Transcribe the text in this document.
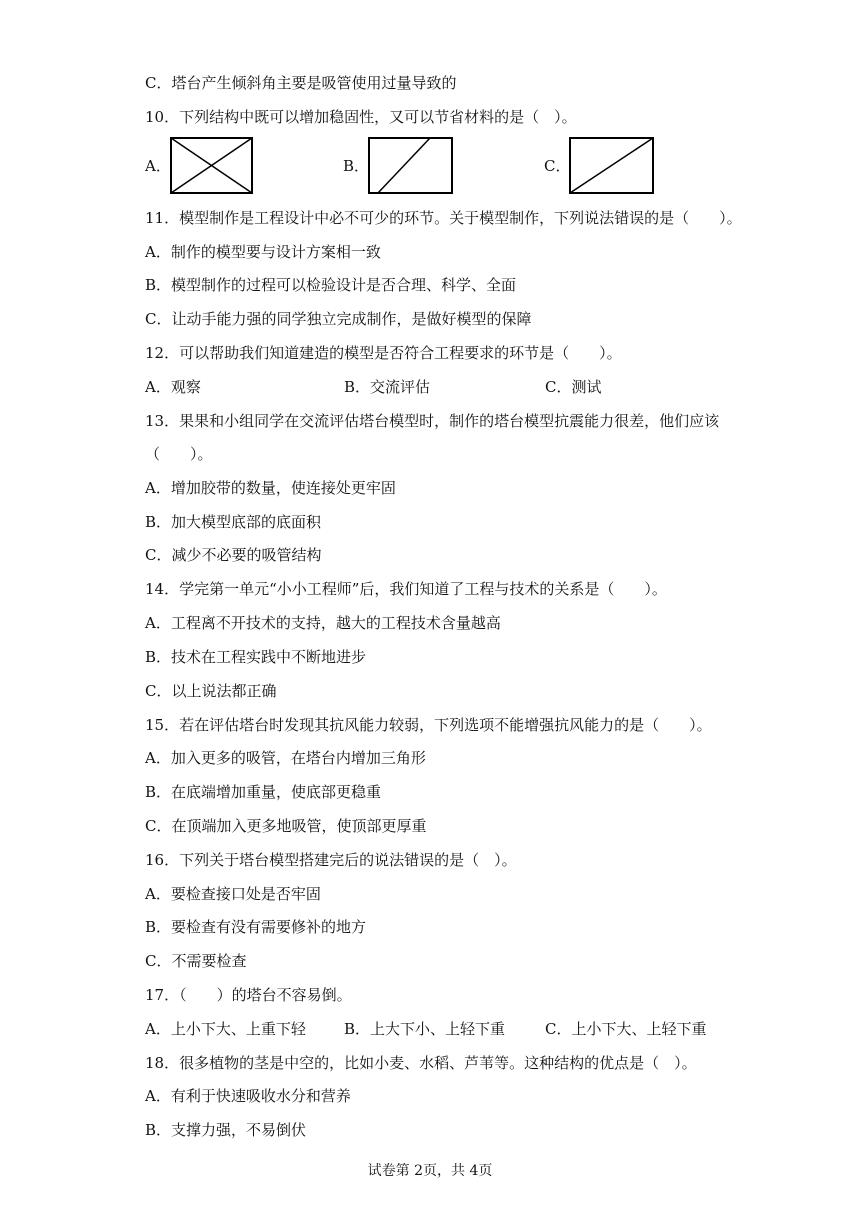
C．塔台产生倾斜角主要是吸管使用过量导致的
10．下列结构中既可以增加稳固性，又可以节省材料的是（　）。
A．	B．	C．
11．模型制作是工程设计中必不可少的环节。关于模型制作，下列说法错误的是（　　）。
A．制作的模型要与设计方案相一致
B．模型制作的过程可以检验设计是否合理、科学、全面
C．让动手能力强的同学独立完成制作，是做好模型的保障
12．可以帮助我们知道建造的模型是否符合工程要求的环节是（　　）。
A．观察	B．交流评估	C．测试
13．果果和小组同学在交流评估塔台模型时，制作的塔台模型抗震能力很差，他们应该
（　　）。
A．增加胶带的数量，使连接处更牢固
B．加大模型底部的底面积
C．减少不必要的吸管结构
14．学完第一单元“小小工程师”后，我们知道了工程与技术的关系是（　　）。
A．工程离不开技术的支持，越大的工程技术含量越高
B．技术在工程实践中不断地进步
C．以上说法都正确
15．若在评估塔台时发现其抗风能力较弱，下列选项不能增强抗风能力的是（　　）。
A．加入更多的吸管，在塔台内增加三角形
B．在底端增加重量，使底部更稳重
C．在顶端加入更多地吸管，使顶部更厚重
16．下列关于塔台模型搭建完后的说法错误的是（　）。
A．要检查接口处是否牢固
B．要检查有没有需要修补的地方
C．不需要检查
17．（　　）的塔台不容易倒。
A．上小下大、上重下轻	B．上大下小、上轻下重	C．上小下大、上轻下重
18．很多植物的茎是中空的，比如小麦、水稻、芦苇等。这种结构的优点是（　）。
A．有利于快速吸收水分和营养
B．支撑力强，不易倒伏
试卷第 2页，共 4页
